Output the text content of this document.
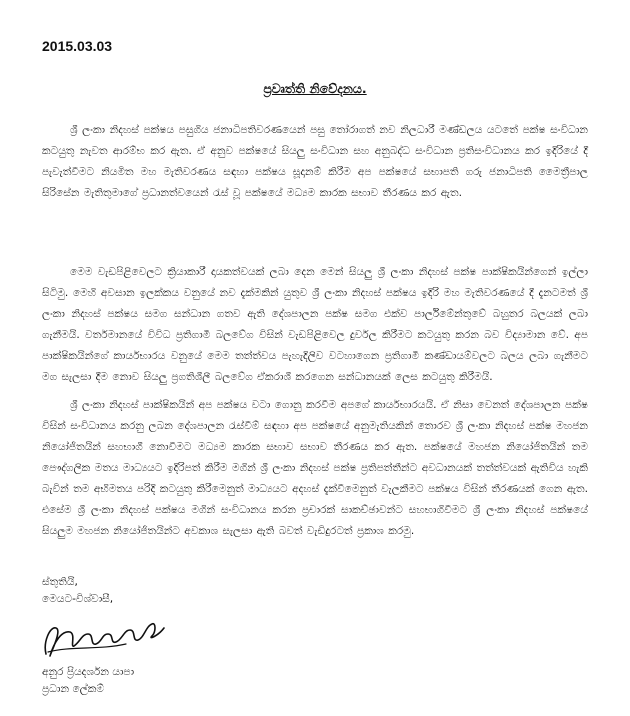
2015.03.03
ප්‍රවෘත්ති නිවේදනය.
ශ්‍රී ලංකා නිදහස් පක්ෂය පසුගිය ජනාධිපතිවරණයෙන් පසු තෝරාගත් නව නිලධාරී මණ්ඩලය යටතේ පක්ෂ සංවිධාන කටයුතු නැවත ආරම්භ කර ඇත. ඒ අනුව පක්ෂයේ සියලු සංවිධාන සහ අනුබද්ධ සංවිධාන ප්‍රතිසංවිධානය කර ඉදිරියේ දී පැවැත්වීමට නියමිත මහ මැතිවරණය සඳහා පක්ෂය සූදානම් කිරීම අප පක්ෂයේ සභාපති ගරු ජනාධිපති මෛත්‍රීපාල සිරිසේන මැතිතුමාගේ ප්‍රධානත්වයෙන් රැස් වූ පක්ෂයේ මධ්‍යම කාරක සභාව තීරණය කර ඇත.
මෙම වැඩපිළිවෙලට ක්‍රියාකාරී දායකත්වයක් ලබා දෙන මෙන් සියලු ශ්‍රී ලංකා නිදහස් පක්ෂ පාක්ෂිකයින්ගෙන් ඉල්ලා සිටිමු. මෙහි අවසාන ඉලක්කය වනුයේ නව දැක්මකින් යුතුව ශ්‍රී ලංකා නිදහස් පක්ෂය ඉදිරි මහ මැතිවරණයේ දී දැනටමත් ශ්‍රී ලංකා නිදහස් පක්ෂය සමග සන්ධාන ගතව ඇති දේශපාලන පක්ෂ සමග එක්ව පාර්ලිමේන්තුවේ බහුතර බලයක් ලබා ගැනීමයි. වර්තමානයේ විවිධ ප්‍රතිගාමී බලවේග විසින් වැඩපිළිවෙල දුර්වල කිරීමට කටයුතු කරන බව විද්‍යාමාන වේ. අප පාක්ෂිකයින්ගේ කාර්යභාරය වනුයේ මෙම තත්ත්වය පැහැදිලිව වටහාගෙන ප්‍රතිගාමී කණ්ඩායම්වලට බලය ලබා ගැනීමට මග සැලසා දීම නොව සියලු ප්‍රගතිශීලී බලවේග ඒකරාශී කරගෙන සන්ධානයක් ලෙස කටයුතු කිරීමයි.
ශ්‍රී ලංකා නිදහස් පාක්ෂිකයින් අප පක්ෂය වටා ගොනු කරවීම අපගේ කාර්යභාරයයි. ඒ නිසා වෙනත් දේශපාලන පක්ෂ විසින් සංවිධානය කරනු ලබන දේශපාලන රැස්වීම් සඳහා අප පක්ෂයේ අනුමැතියකින් තොරව ශ්‍රී ලංකා නිදහස් පක්ෂ මහජන නියෝජිතයින් සහභාගී නොවීමට මධ්‍යම කාරක සභාව සභාව තීරණය කර ඇත. පක්ෂයේ මහජන නියෝජිතයින් තම පෞද්ගලික මතය මාධ්‍යයට ඉදිරිපත් කිරීම මගින් ශ්‍රී ලංකා නිදහස් පක්ෂ ප්‍රතිපත්තීන්ට අවධානයක් තත්ත්වයක් ඇතිවිය හැකි බැවින් තම අභිමතය පරිදි කටයුතු කිරීමෙනුත් මාධ්‍යයට අදහස් දැක්වීමෙනුත් වැලකීමට පක්ෂය විසින් තීරණයක් ගෙන ඇත. එසේම ශ්‍රී ලංකා නිදහස් පක්ෂය මගින් සංවිධානය කරන ප්‍රචාරක් සාකච්ඡාවන්ට සහභාගිවීමට ශ්‍රී ලංකා නිදහස් පක්ෂයේ සියලුම මහජන නියෝජිතයින්ට අවකාශ සැලසා ඇති බවත් වැඩිදුරටත් ප්‍රකාශ කරමු.
ස්තුතියි,
මෙයට-විශ්වාසී,
අනුර ප්‍රියදර්ශන යාපා
ප්‍රධාන ලේකම්
